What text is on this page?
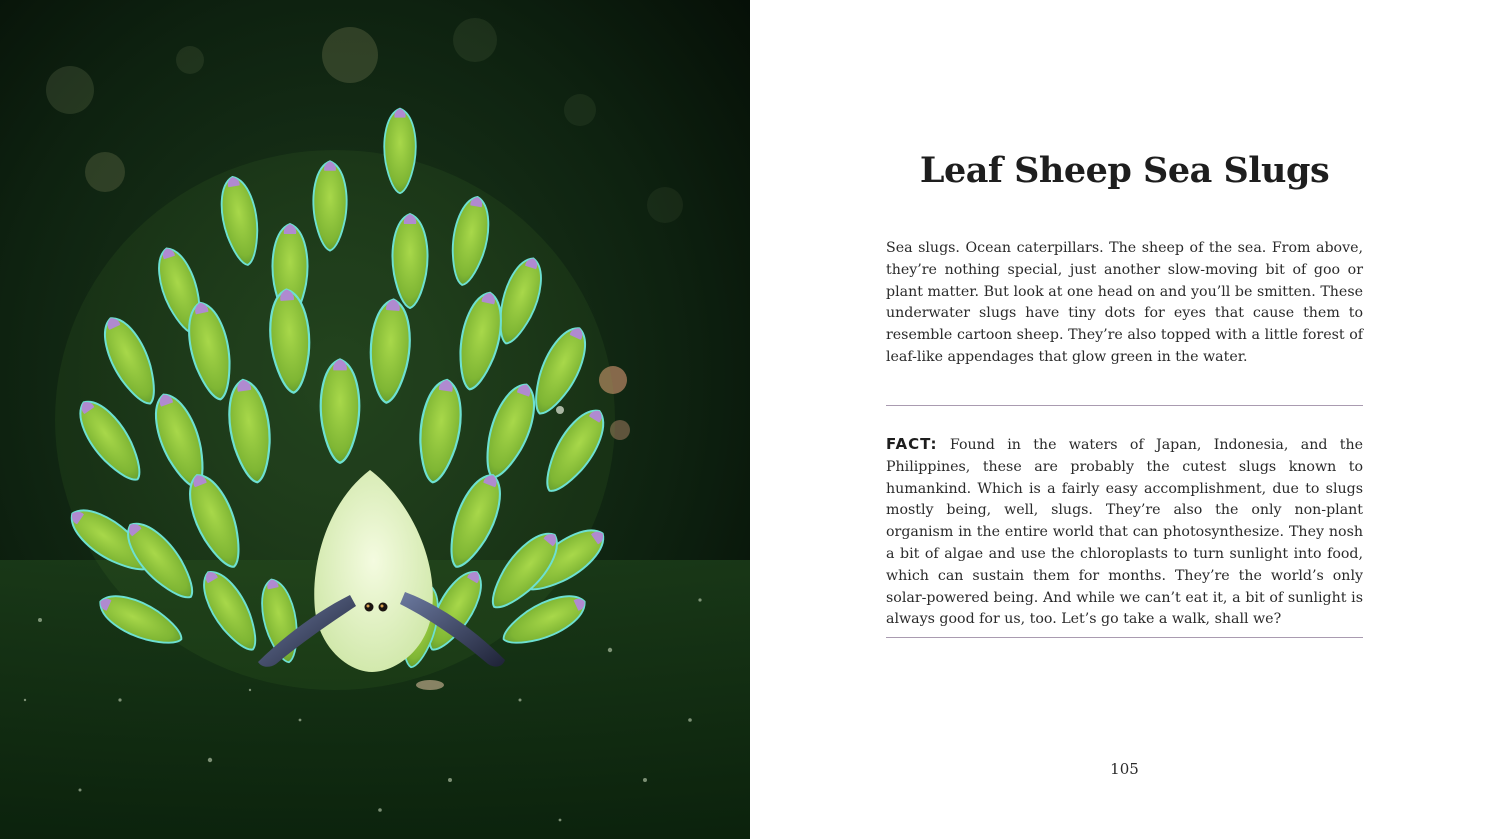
Leaf Sheep Sea Slugs

Sea slugs. Ocean caterpillars. The sheep of the sea. From above, they’re nothing special, just another slow-moving bit of goo or plant matter. But look at one head on and you’ll be smitten. These underwater slugs have tiny dots for eyes that cause them to resemble cartoon sheep. They’re also topped with a little forest of leaf-like appendages that glow green in the water.

FACT: Found in the waters of Japan, Indonesia, and the Philippines, these are probably the cutest slugs known to humankind. Which is a fairly easy accomplishment, due to slugs mostly being, well, slugs. They’re also the only non-plant organism in the entire world that can photosynthesize. They nosh a bit of algae and use the chloroplasts to turn sunlight into food, which can sustain them for months. They’re the world’s only solar-powered being. And while we can’t eat it, a bit of sunlight is always good for us, too. Let’s go take a walk, shall we?

105
